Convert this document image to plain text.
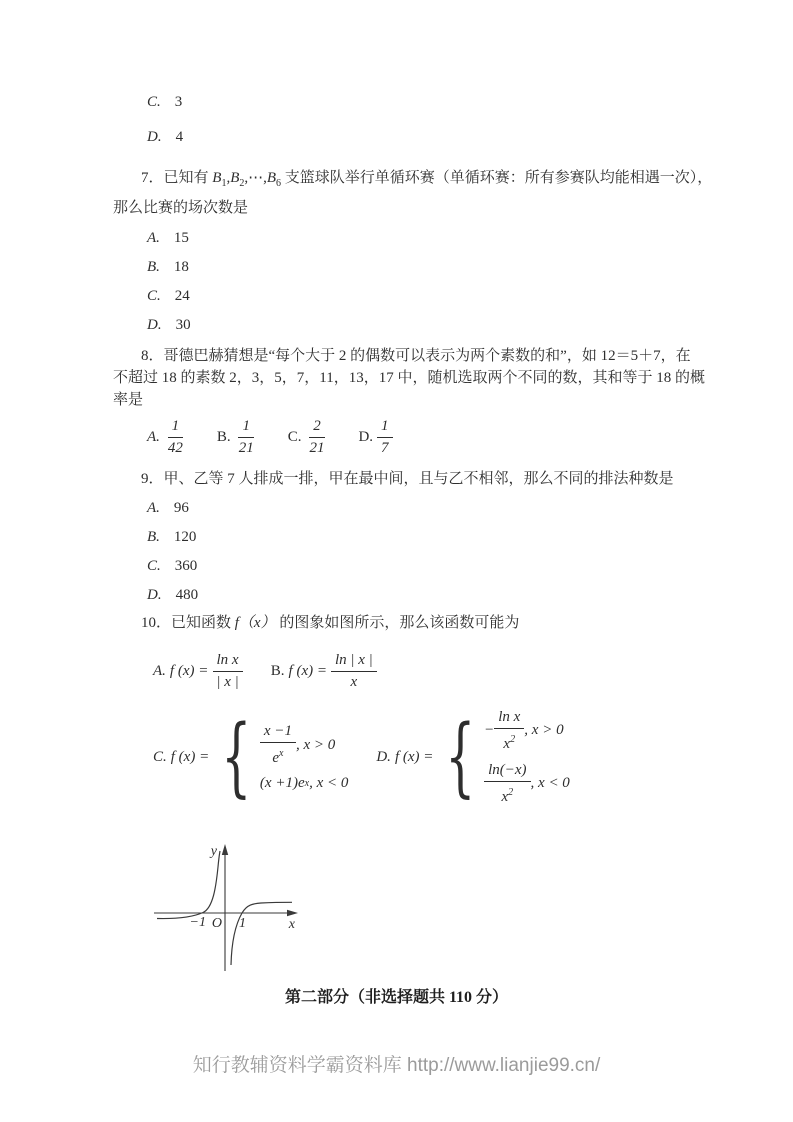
C. 3
D. 4
7．已知有 $B_1,B_2,\cdots,B_6$ 支篮球队举行单循环赛（单循环赛：所有参赛队均能相遇一次），
那么比赛的场次数是
A. 15
B. 18
C. 24
D. 30
8．哥德巴赫猜想是“每个大于 2 的偶数可以表示为两个素数的和”，如 12＝5＋7，在
不超过 18 的素数 2，3，5，7，11，13，17 中，随机选取两个不同的数，其和等于 18 的概
率是
A. $\frac{1}{42} B$. $\frac{1}{21} C$. $\frac{2}{21} D$. $\frac{1}{7}$
9．甲、乙等 7 人排成一排，甲在最中间，且与乙不相邻，那么不同的排法种数是
A. 96
B. 120
C. 360
D. 480
10．已知函数 f（x） 的图象如图所示，那么该函数可能为
A. f $(x) = \frac{\text{ln x}}{| x |} B$. f $(x) = \frac{\ln | x |}{x}$
C. f (x) = { $\frac{x -1}{e^x}$ , x > 0
(x +1)e x , x < 0
D. f (x) = { − $\frac{\text{ln x}}{x^2}$ , x > 0
$\frac{\ln(-x)}{x^2}$ , x < 0
y
x
O
−1 1
第二部分（非选择题共 110 分）
知行教辅资料学霸资料库 http://www.lianjie99.cn/
